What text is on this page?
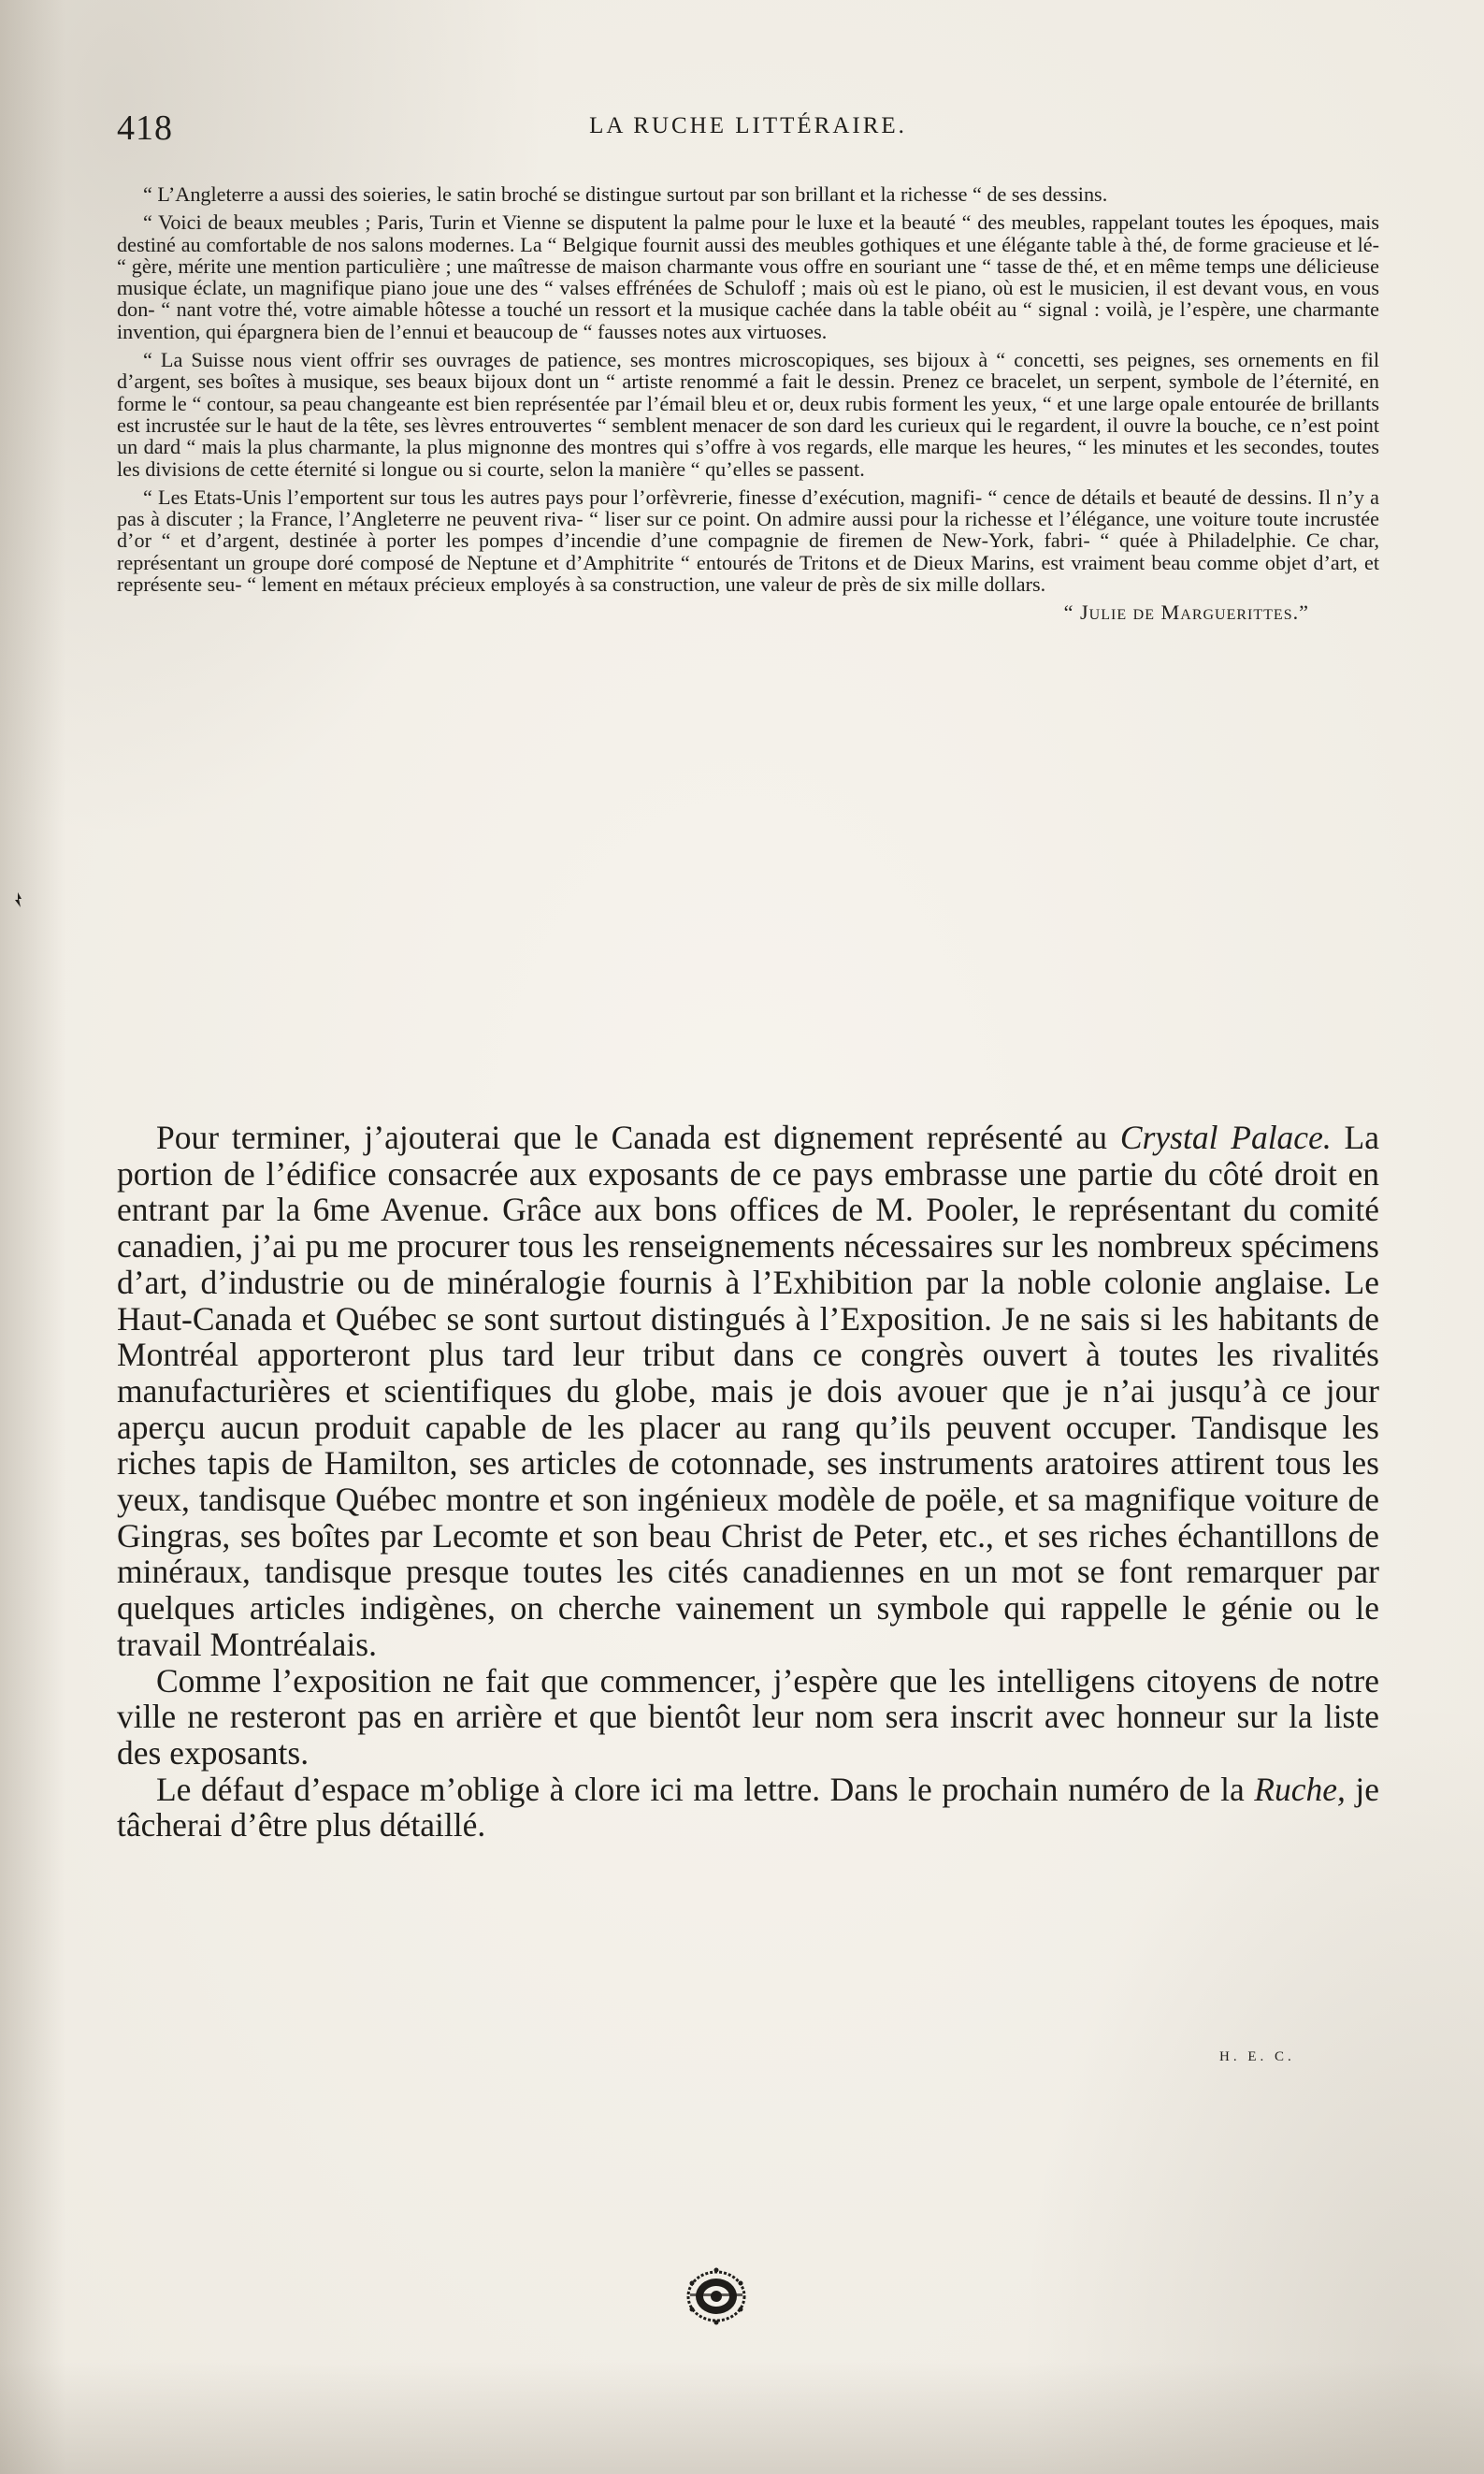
418	LA RUCHE LITTÉRAIRE.

“ L’Angleterre a aussi des soieries, le satin broché se distingue surtout par son brillant et la richesse “ de ses dessins.

“ Voici de beaux meubles ; Paris, Turin et Vienne se disputent la palme pour le luxe et la beauté “ des meubles, rappelant toutes les époques, mais destiné au comfortable de nos salons modernes. La “ Belgique fournit aussi des meubles gothiques et une élégante table à thé, de forme gracieuse et lé- “ gère, mérite une mention particulière ; une maîtresse de maison charmante vous offre en souriant une “ tasse de thé, et en même temps une délicieuse musique éclate, un magnifique piano joue une des “ valses effrénées de Schuloff ; mais où est le piano, où est le musicien, il est devant vous, en vous don- “ nant votre thé, votre aimable hôtesse a touché un ressort et la musique cachée dans la table obéit au “ signal : voilà, je l’espère, une charmante invention, qui épargnera bien de l’ennui et beaucoup de “ fausses notes aux virtuoses.

“ La Suisse nous vient offrir ses ouvrages de patience, ses montres microscopiques, ses bijoux à “ concetti, ses peignes, ses ornements en fil d’argent, ses boîtes à musique, ses beaux bijoux dont un “ artiste renommé a fait le dessin. Prenez ce bracelet, un serpent, symbole de l’éternité, en forme le “ contour, sa peau changeante est bien représentée par l’émail bleu et or, deux rubis forment les yeux, “ et une large opale entourée de brillants est incrustée sur le haut de la tête, ses lèvres entrouvertes “ semblent menacer de son dard les curieux qui le regardent, il ouvre la bouche, ce n’est point un dard “ mais la plus charmante, la plus mignonne des montres qui s’offre à vos regards, elle marque les heures, “ les minutes et les secondes, toutes les divisions de cette éternité si longue ou si courte, selon la manière “ qu’elles se passent.

“ Les Etats-Unis l’emportent sur tous les autres pays pour l’orfèvrerie, finesse d’exécution, magnifi- “ cence de détails et beauté de dessins. Il n’y a pas à discuter ; la France, l’Angleterre ne peuvent riva- “ liser sur ce point. On admire aussi pour la richesse et l’élégance, une voiture toute incrustée d’or “ et d’argent, destinée à porter les pompes d’incendie d’une compagnie de firemen de New-York, fabri- “ quée à Philadelphie. Ce char, représentant un groupe doré composé de Neptune et d’Amphitrite “ entourés de Tritons et de Dieux Marins, est vraiment beau comme objet d’art, et représente seu- “ lement en métaux précieux employés à sa construction, une valeur de près de six mille dollars.

“ Julie de Marguerittes.”

Pour terminer, j’ajouterai que le Canada est dignement représenté au Crystal Palace. La portion de l’édifice consacrée aux exposants de ce pays embrasse une partie du côté droit en entrant par la 6me Avenue. Grâce aux bons offices de M. Pooler, le représentant du comité canadien, j’ai pu me procurer tous les renseignements nécessaires sur les nombreux spécimens d’art, d’industrie ou de minéralogie fournis à l’Exhibition par la noble colonie anglaise. Le Haut-Canada et Québec se sont surtout distingués à l’Exposition. Je ne sais si les habitants de Montréal apporteront plus tard leur tribut dans ce congrès ouvert à toutes les rivalités manufacturières et scientifiques du globe, mais je dois avouer que je n’ai jusqu’à ce jour aperçu aucun produit capable de les placer au rang qu’ils peuvent occuper. Tandisque les riches tapis de Hamilton, ses articles de cotonnade, ses instruments aratoires attirent tous les yeux, tandisque Québec montre et son ingénieux modèle de poële, et sa magnifique voiture de Gingras, ses boîtes par Lecomte et son beau Christ de Peter, etc., et ses riches échantillons de minéraux, tandisque presque toutes les cités canadiennes en un mot se font remarquer par quelques articles indigènes, on cherche vainement un symbole qui rappelle le génie ou le travail Montréalais.

Comme l’exposition ne fait que commencer, j’espère que les intelligens citoyens de notre ville ne resteront pas en arrière et que bientôt leur nom sera inscrit avec honneur sur la liste des exposants.

Le défaut d’espace m’oblige à clore ici ma lettre. Dans le prochain numéro de la Ruche, je tâcherai d’être plus détaillé.

H. E. C.
